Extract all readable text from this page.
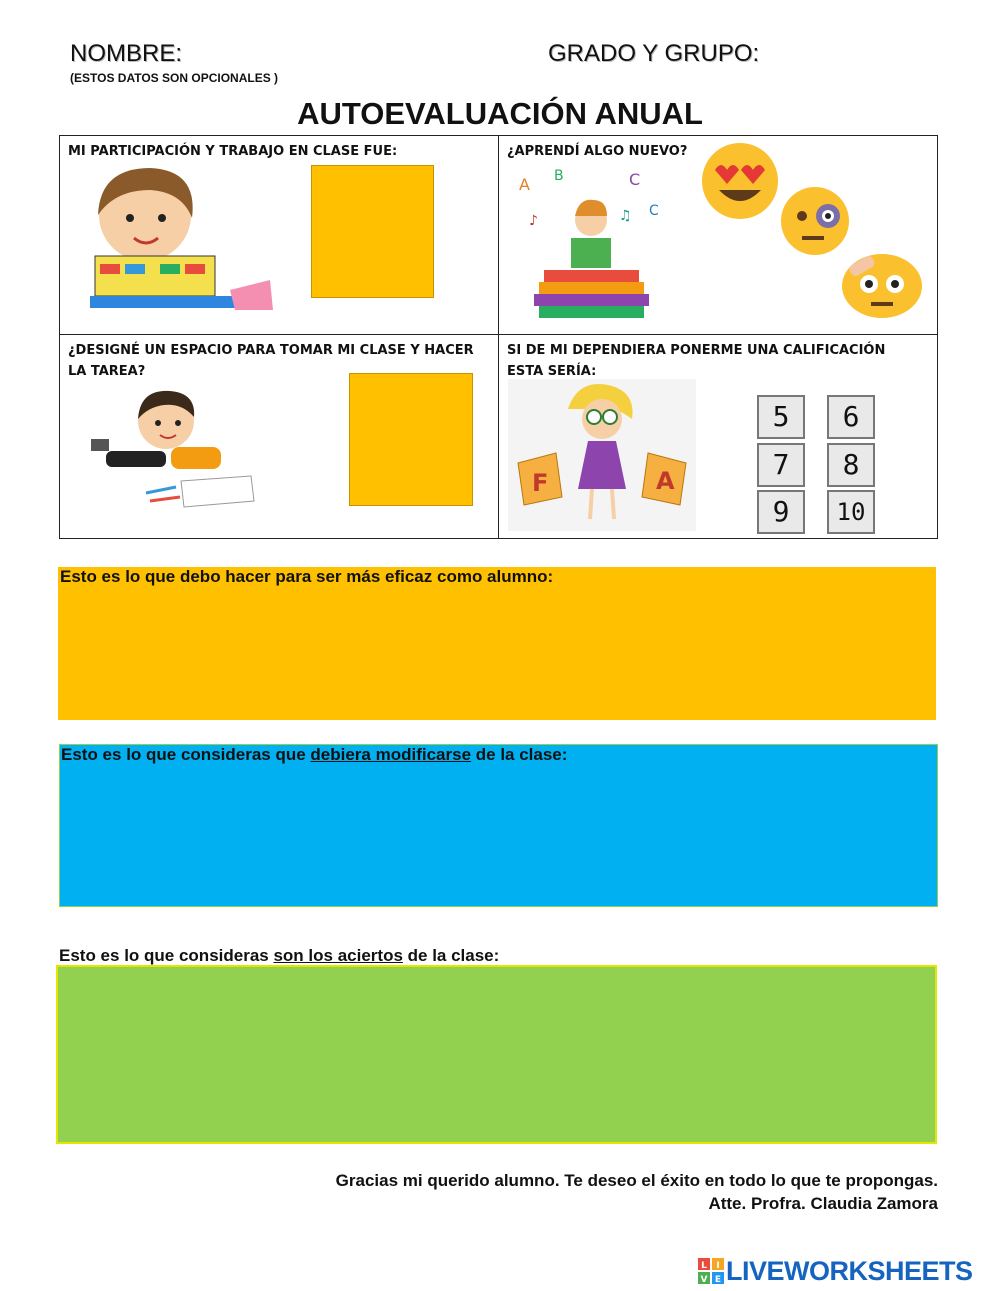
NOMBRE:	GRADO Y GRUPO:
(ESTOS DATOS SON OPCIONALES )
AUTOEVALUACIÓN ANUAL
MI PARTICIPACIÓN Y TRABAJO EN CLASE FUE:	¿APRENDÍ ALGO NUEVO?
A B	C
C
♪	♫
¿DESIGNÉ UN ESPACIO PARA TOMAR MI CLASE Y HACER
LA TAREA?
SI DE MI DEPENDIERA PONERME UNA CALIFICACIÓN
ESTA SERÍA:
F	A
5	6
7	8
9	10
Esto es lo que debo hacer para ser más eficaz como alumno:
Esto es lo que consideras que debiera modificarse de la clase:
Esto es lo que consideras son los aciertos de la clase:
Gracias mi querido alumno. Te deseo el éxito en todo lo que te propongas.
Atte. Profra. Claudia Zamora
L I
V E LIVEWORKSHEETS
